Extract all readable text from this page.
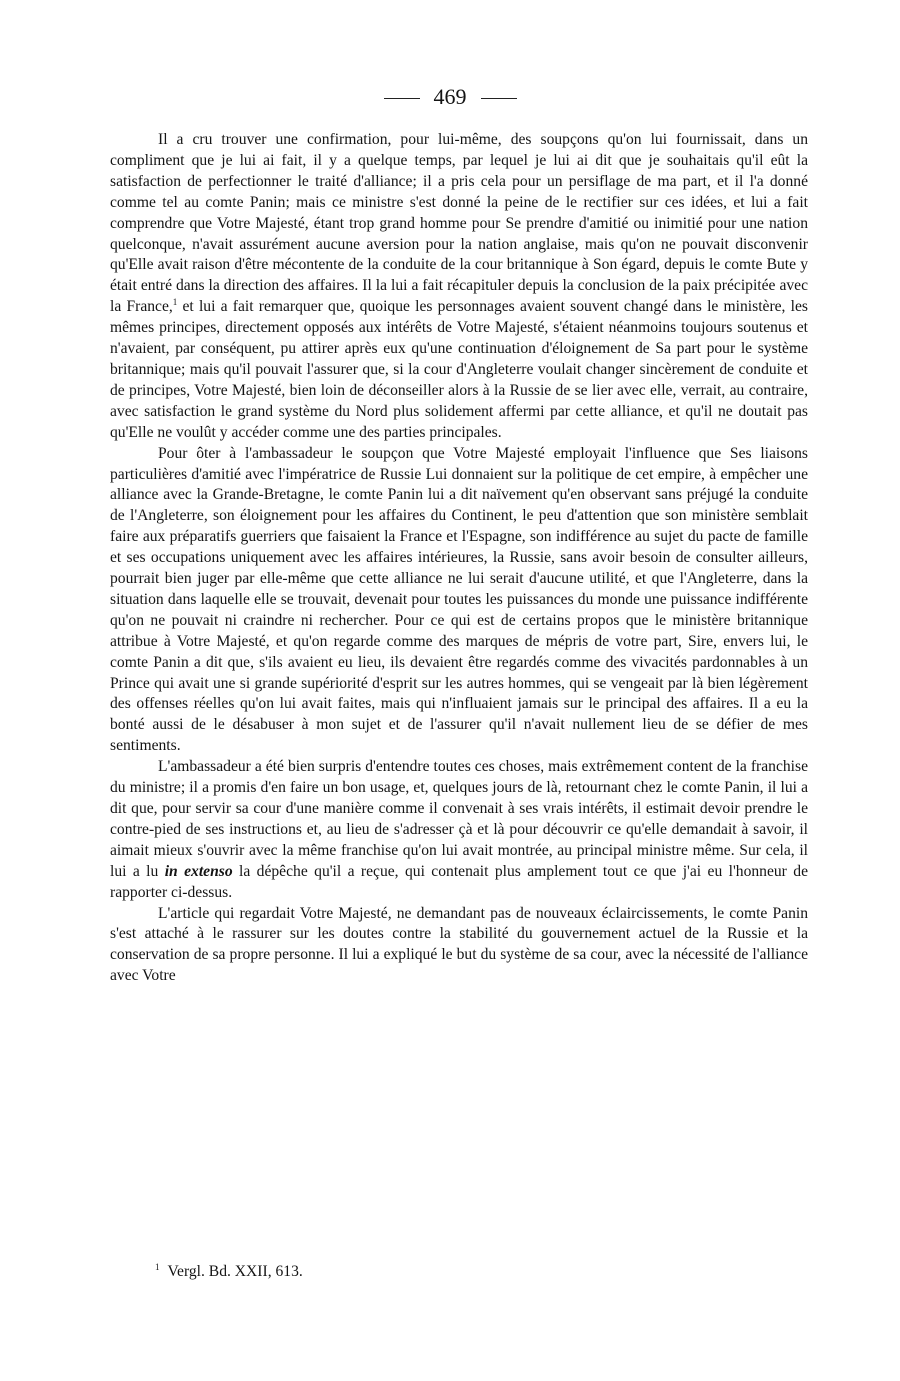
469

Il a cru trouver une confirmation, pour lui-même, des soupçons qu'on lui fournissait, dans un compliment que je lui ai fait, il y a quelque temps, par lequel je lui ai dit que je souhaitais qu'il eût la satisfaction de perfectionner le traité d'alliance; il a pris cela pour un persiflage de ma part, et il l'a donné comme tel au comte Panin; mais ce ministre s'est donné la peine de le rectifier sur ces idées, et lui a fait comprendre que Votre Majesté, étant trop grand homme pour Se prendre d'amitié ou inimitié pour une nation quelconque, n'avait assurément aucune aversion pour la nation anglaise, mais qu'on ne pouvait disconvenir qu'Elle avait raison d'être mécontente de la conduite de la cour britannique à Son égard, depuis le comte Bute y était entré dans la direction des affaires. Il la lui a fait récapituler depuis la conclusion de la paix précipitée avec la France,$^1$ et lui a fait remarquer que, quoique les personnages avaient souvent changé dans le ministère, les mêmes principes, directement opposés aux intérêts de Votre Majesté, s'étaient néanmoins toujours soutenus et n'avaient, par conséquent, pu attirer après eux qu'une continuation d'éloignement de Sa part pour le système britannique; mais qu'il pouvait l'assurer que, si la cour d'Angleterre voulait changer sincèrement de conduite et de principes, Votre Majesté, bien loin de déconseiller alors à la Russie de se lier avec elle, verrait, au contraire, avec satisfaction le grand système du Nord plus solidement affermi par cette alliance, et qu'il ne doutait pas qu'Elle ne voulût y accéder comme une des parties principales.

Pour ôter à l'ambassadeur le soupçon que Votre Majesté employait l'influence que Ses liaisons particulières d'amitié avec l'impératrice de Russie Lui donnaient sur la politique de cet empire, à empêcher une alliance avec la Grande-Bretagne, le comte Panin lui a dit naïvement qu'en observant sans préjugé la conduite de l'Angleterre, son éloignement pour les affaires du Continent, le peu d'attention que son ministère semblait faire aux préparatifs guerriers que faisaient la France et l'Espagne, son indifférence au sujet du pacte de famille et ses occupations uniquement avec les affaires intérieures, la Russie, sans avoir besoin de consulter ailleurs, pourrait bien juger par elle-même que cette alliance ne lui serait d'aucune utilité, et que l'Angleterre, dans la situation dans laquelle elle se trouvait, devenait pour toutes les puissances du monde une puissance indifférente qu'on ne pouvait ni craindre ni rechercher. Pour ce qui est de certains propos que le ministère britannique attribue à Votre Majesté, et qu'on regarde comme des marques de mépris de votre part, Sire, envers lui, le comte Panin a dit que, s'ils avaient eu lieu, ils devaient être regardés comme des vivacités pardonnables à un Prince qui avait une si grande supériorité d'esprit sur les autres hommes, qui se vengeait par là bien légèrement des offenses réelles qu'on lui avait faites, mais qui n'influaient jamais sur le principal des affaires. Il a eu la bonté aussi de le désabuser à mon sujet et de l'assurer qu'il n'avait nullement lieu de se défier de mes sentiments.

L'ambassadeur a été bien surpris d'entendre toutes ces choses, mais extrêmement content de la franchise du ministre; il a promis d'en faire un bon usage, et, quelques jours de là, retournant chez le comte Panin, il lui a dit que, pour servir sa cour d'une manière comme il convenait à ses vrais intérêts, il estimait devoir prendre le contre-pied de ses instructions et, au lieu de s'adresser çà et là pour découvrir ce qu'elle demandait à savoir, il aimait mieux s'ouvrir avec la même franchise qu'on lui avait montrée, au principal ministre même. Sur cela, il lui a lu in extenso la dépêche qu'il a reçue, qui contenait plus amplement tout ce que j'ai eu l'honneur de rapporter ci-dessus.

L'article qui regardait Votre Majesté, ne demandant pas de nouveaux éclaircissements, le comte Panin s'est attaché à le rassurer sur les doutes contre la stabilité du gouvernement actuel de la Russie et la conservation de sa propre personne. Il lui a expliqué le but du système de sa cour, avec la nécessité de l'alliance avec Votre

$^1$ Vergl. Bd. XXII, 613.
